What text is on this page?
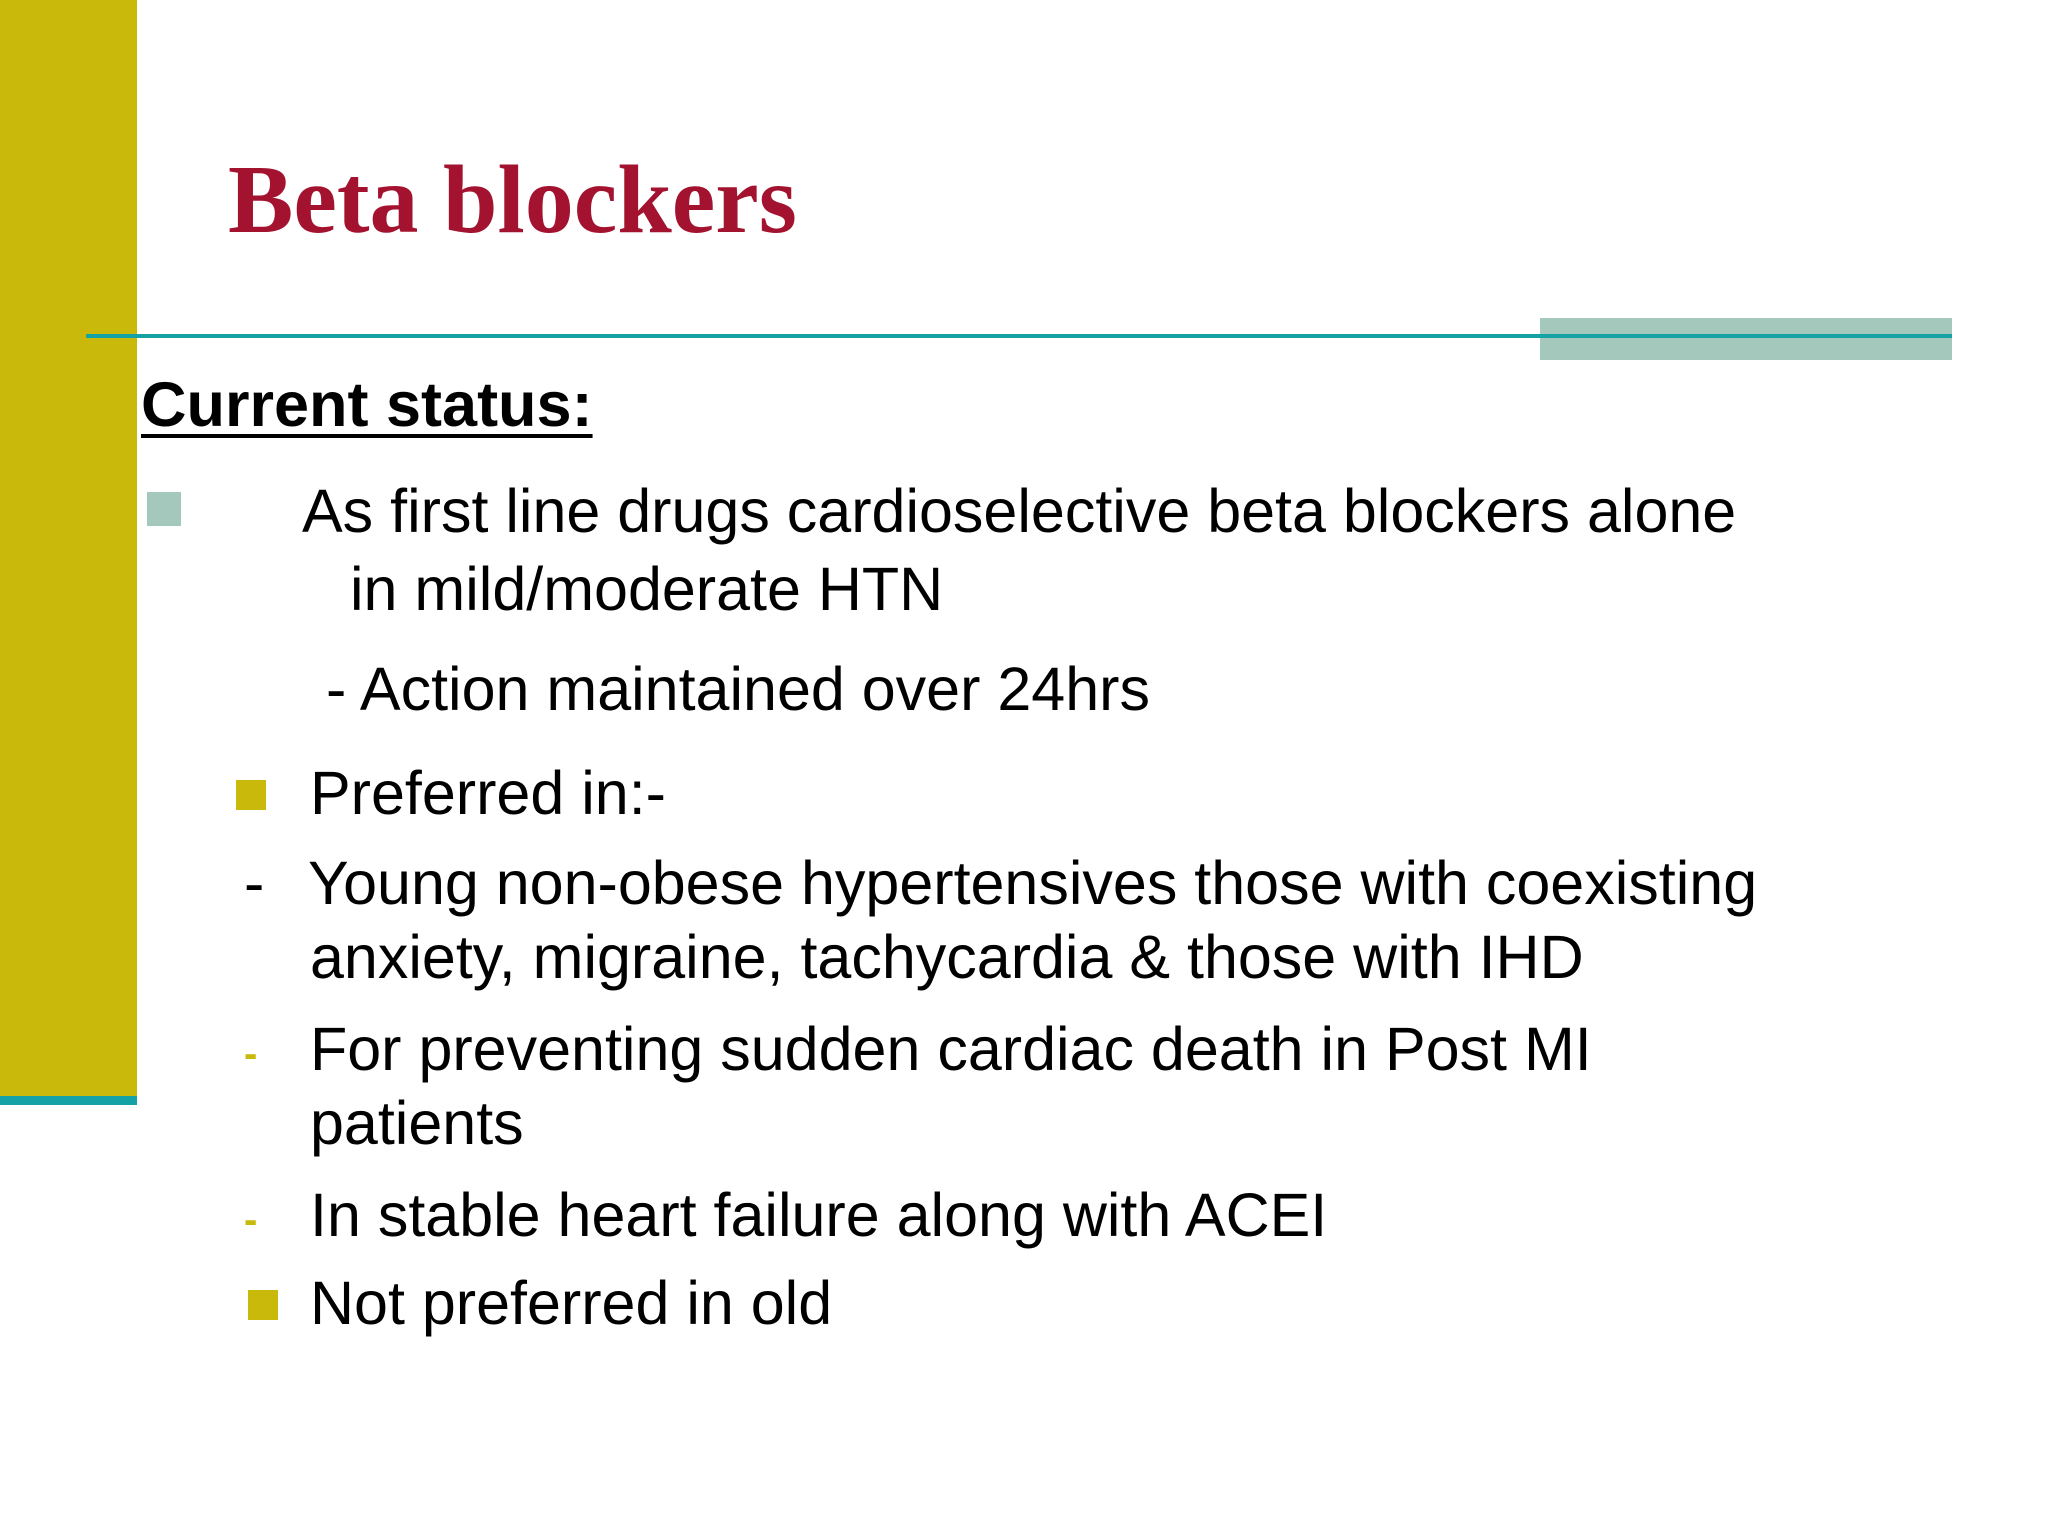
Beta blockers
Current status:
As first line drugs cardioselective beta blockers alone
in mild/moderate HTN
- Action maintained over 24hrs
Preferred in:-
- Young non-obese hypertensives those with coexisting
anxiety, migraine, tachycardia & those with IHD
- For preventing sudden cardiac death in Post MI
patients
- In stable heart failure along with ACEI
Not preferred in old
